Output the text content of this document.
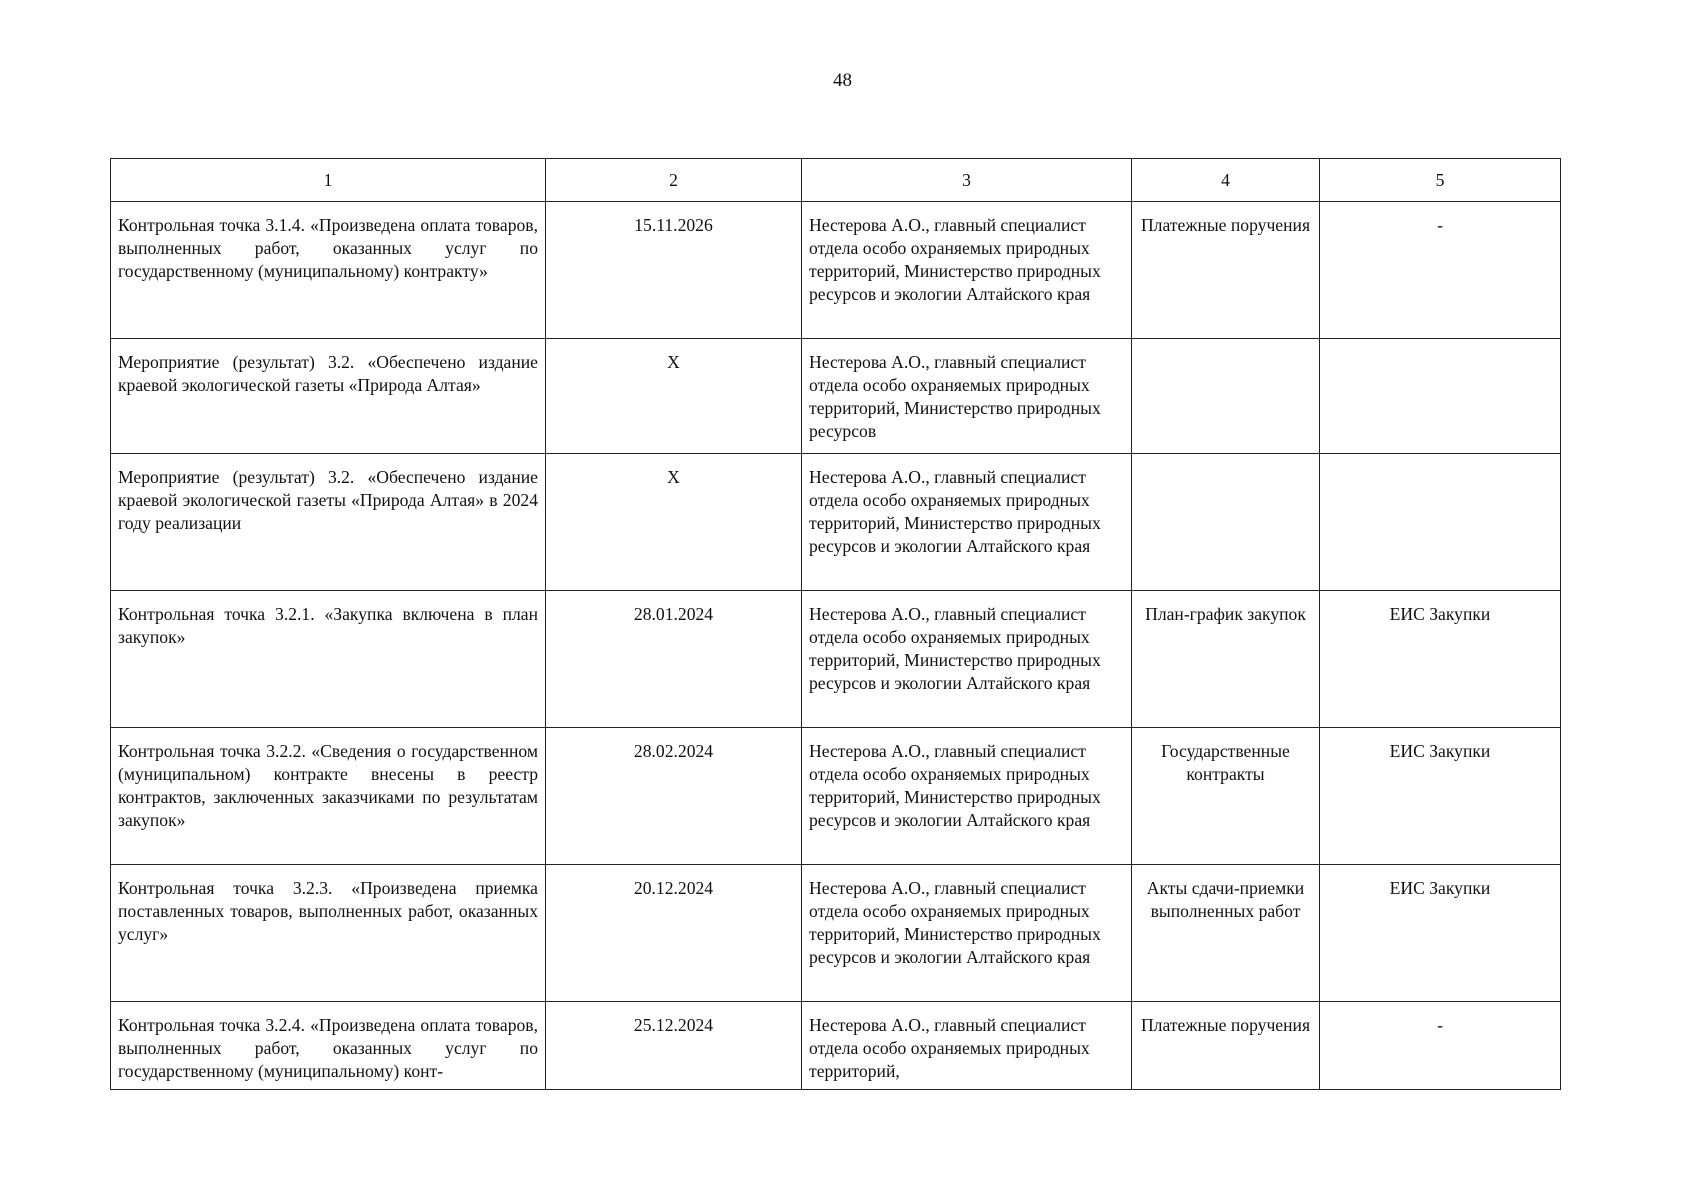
48
1	2	3	4	5
Контрольная точка 3.1.4. «Произведена оплата товаров, выполненных работ, оказанных услуг по государственному (муниципальному) контракту»	15.11.2026	Нестерова А.О., главный специалист отдела особо охраняемых природных территорий, Министерство природных ресурсов и экологии Алтайского края	Платежные поручения	-
Мероприятие (результат) 3.2. «Обеспечено издание краевой экологической газеты «Природа Алтая»	X	Нестерова А.О., главный специалист отдела особо охраняемых природных территорий, Министерство природных ресурсов		
Мероприятие (результат) 3.2. «Обеспечено издание краевой экологической газеты «Природа Алтая» в 2024 году реализации	X	Нестерова А.О., главный специалист отдела особо охраняемых природных территорий, Министерство природных ресурсов и экологии Алтайского края		
Контрольная точка 3.2.1. «Закупка включена в план закупок»	28.01.2024	Нестерова А.О., главный специалист отдела особо охраняемых природных территорий, Министерство природных ресурсов и экологии Алтайского края	План-график закупок	ЕИС Закупки
Контрольная точка 3.2.2. «Сведения о государственном (муниципальном) контракте внесены в реестр контрактов, заключенных заказчиками по результатам закупок»	28.02.2024	Нестерова А.О., главный специалист отдела особо охраняемых природных территорий, Министерство природных ресурсов и экологии Алтайского края	Государственные контракты	ЕИС Закупки
Контрольная точка 3.2.3. «Произведена приемка поставленных товаров, выполненных работ, оказанных услуг»	20.12.2024	Нестерова А.О., главный специалист отдела особо охраняемых природных территорий, Министерство природных ресурсов и экологии Алтайского края	Акты сдачи-приемки выполненных работ	ЕИС Закупки
Контрольная точка 3.2.4. «Произведена оплата товаров, выполненных работ, оказанных услуг по государственному (муниципальному) конт-	25.12.2024	Нестерова А.О., главный специалист отдела особо охраняемых природных территорий,	Платежные поручения	-
